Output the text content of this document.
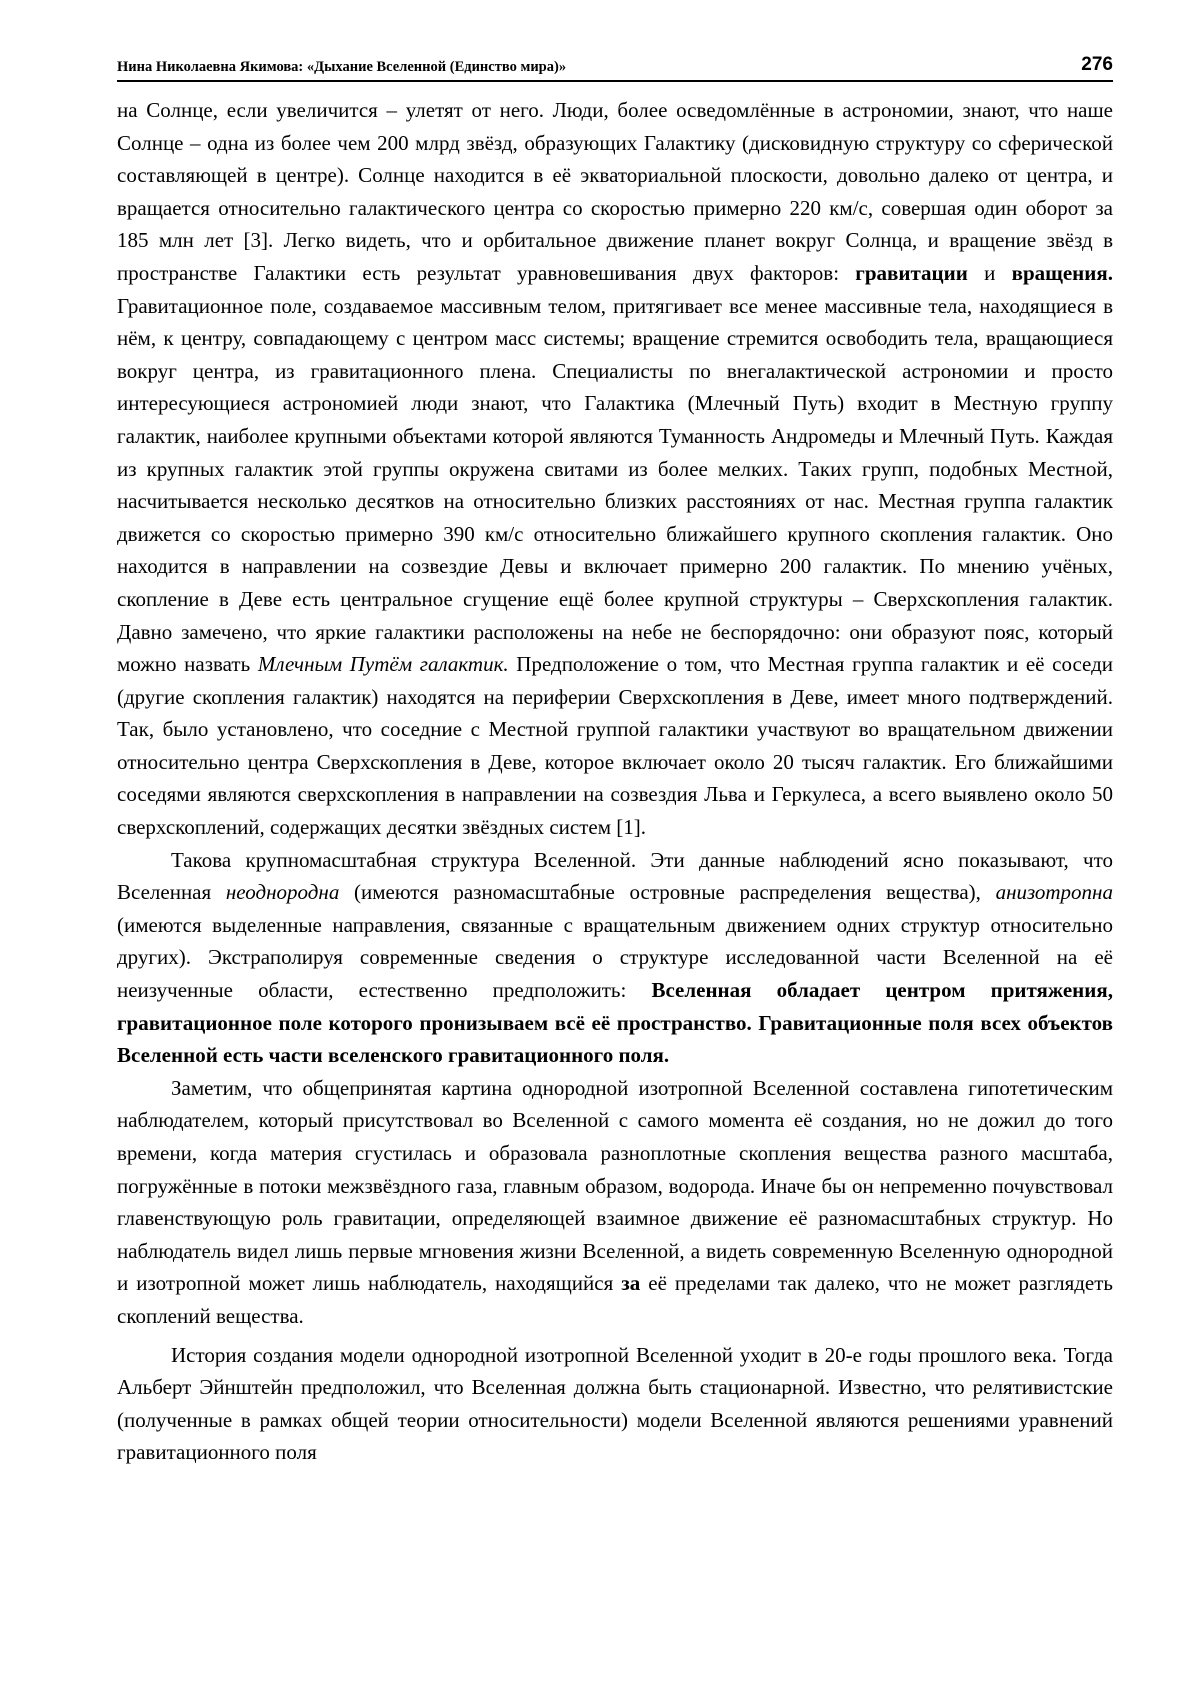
Нина Николаевна Якимова: «Дыхание Вселенной (Единство мира)»	276

на Солнце, если увеличится – улетят от него. Люди, более осведомлённые в астрономии, знают, что наше Солнце – одна из более чем 200 млрд звёзд, образующих Галактику (дисковидную структуру со сферической составляющей в центре). Солнце находится в её экваториальной плоскости, довольно далеко от центра, и вращается относительно галактического центра со скоростью примерно 220 км/с, совершая один оборот за 185 млн лет [3]. Легко видеть, что и орбитальное движение планет вокруг Солнца, и вращение звёзд в пространстве Галактики есть результат уравновешивания двух факторов: гравитации и вращения. Гравитационное поле, создаваемое массивным телом, притягивает все менее массивные тела, находящиеся в нём, к центру, совпадающему с центром масс системы; вращение стремится освободить тела, вращающиеся вокруг центра, из гравитационного плена. Специалисты по внегалактической астрономии и просто интересующиеся астрономией люди знают, что Галактика (Млечный Путь) входит в Местную группу галактик, наиболее крупными объектами которой являются Туманность Андромеды и Млечный Путь. Каждая из крупных галактик этой группы окружена свитами из более мелких. Таких групп, подобных Местной, насчитывается несколько десятков на относительно близких расстояниях от нас. Местная группа галактик движется со скоростью примерно 390 км/с относительно ближайшего крупного скопления галактик. Оно находится в направлении на созвездие Девы и включает примерно 200 галактик. По мнению учёных, скопление в Деве есть центральное сгущение ещё более крупной структуры – Сверхскопления галактик. Давно замечено, что яркие галактики расположены на небе не беспорядочно: они образуют пояс, который можно назвать Млечным Путём галактик. Предположение о том, что Местная группа галактик и её соседи (другие скопления галактик) находятся на периферии Сверхскопления в Деве, имеет много подтверждений. Так, было установлено, что соседние с Местной группой галактики участвуют во вращательном движении относительно центра Сверхскопления в Деве, которое включает около 20 тысяч галактик. Его ближайшими соседями являются сверхскопления в направлении на созвездия Льва и Геркулеса, а всего выявлено около 50 сверхскоплений, содержащих десятки звёздных систем [1].

Такова крупномасштабная структура Вселенной. Эти данные наблюдений ясно показывают, что Вселенная неоднородна (имеются разномасштабные островные распределения вещества), анизотропна (имеются выделенные направления, связанные с вращательным движением одних структур относительно других). Экстраполируя современные сведения о структуре исследованной части Вселенной на её неизученные области, естественно предположить: Вселенная обладает центром притяжения, гравитационное поле которого пронизываем всё её пространство. Гравитационные поля всех объектов Вселенной есть части вселенского гравитационного поля.

Заметим, что общепринятая картина однородной изотропной Вселенной составлена гипотетическим наблюдателем, который присутствовал во Вселенной с самого момента её создания, но не дожил до того времени, когда материя сгустилась и образовала разноплотные скопления вещества разного масштаба, погружённые в потоки межзвёздного газа, главным образом, водорода. Иначе бы он непременно почувствовал главенствующую роль гравитации, определяющей взаимное движение её разномасштабных структур. Но наблюдатель видел лишь первые мгновения жизни Вселенной, а видеть современную Вселенную однородной и изотропной может лишь наблюдатель, находящийся за её пределами так далеко, что не может разглядеть скоплений вещества.

История создания модели однородной изотропной Вселенной уходит в 20-е годы прошлого века. Тогда Альберт Эйнштейн предположил, что Вселенная должна быть стационарной. Известно, что релятивистские (полученные в рамках общей теории относительности) модели Вселенной являются решениями уравнений гравитационного поля
